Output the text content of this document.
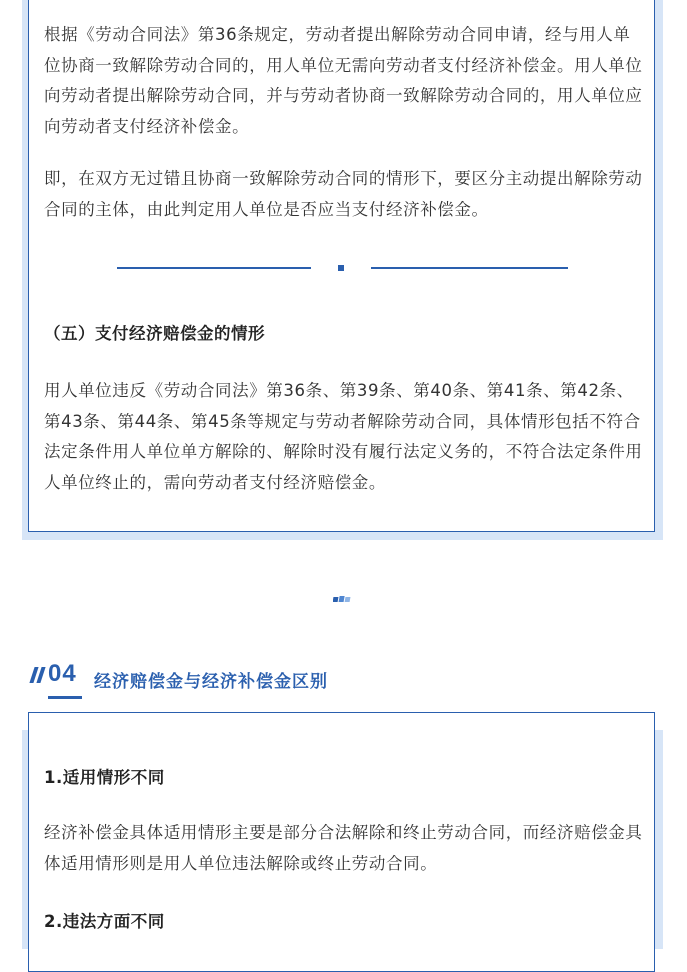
根据《劳动合同法》第36条规定，劳动者提出解除劳动合同申请，经与用人单位协商一致解除劳动合同的，用人单位无需向劳动者支付经济补偿金。用人单位向劳动者提出解除劳动合同，并与劳动者协商一致解除劳动合同的，用人单位应向劳动者支付经济补偿金。

即，在双方无过错且协商一致解除劳动合同的情形下，要区分主动提出解除劳动合同的主体，由此判定用人单位是否应当支付经济补偿金。

（五）支付经济赔偿金的情形

用人单位违反《劳动合同法》第36条、第39条、第40条、第41条、第42条、第43条、第44条、第45条等规定与劳动者解除劳动合同，具体情形包括不符合法定条件用人单位单方解除的、解除时没有履行法定义务的，不符合法定条件用人单位终止的，需向劳动者支付经济赔偿金。

04 经济赔偿金与经济补偿金区别
1.适用情形不同

经济补偿金具体适用情形主要是部分合法解除和终止劳动合同，而经济赔偿金具体适用情形则是用人单位违法解除或终止劳动合同。

2.违法方面不同
